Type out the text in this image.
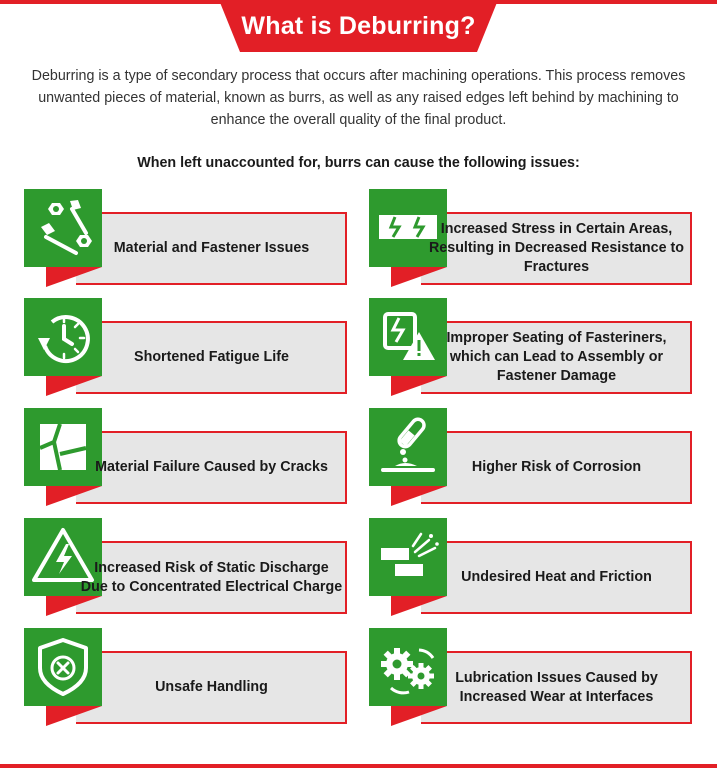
What is Deburring?
Deburring is a type of secondary process that occurs after machining operations. This process removes unwanted pieces of material, known as burrs, as well as any raised edges left behind by machining to enhance the overall quality of the final product.
When left unaccounted for, burrs can cause the following issues:
Material and Fastener Issues
Increased Stress in Certain Areas, Resulting in Decreased Resistance to Fractures
Shortened Fatigue Life
Improper Seating of Fasteriners, which can Lead to Assembly or Fastener Damage
Material Failure Caused by Cracks	Higher Risk of Corrosion
Increased Risk of Static Discharge Due to Concentrated Electrical Charge
Undesired Heat and Friction
Unsafe Handling
Lubrication Issues Caused by Increased Wear at Interfaces
